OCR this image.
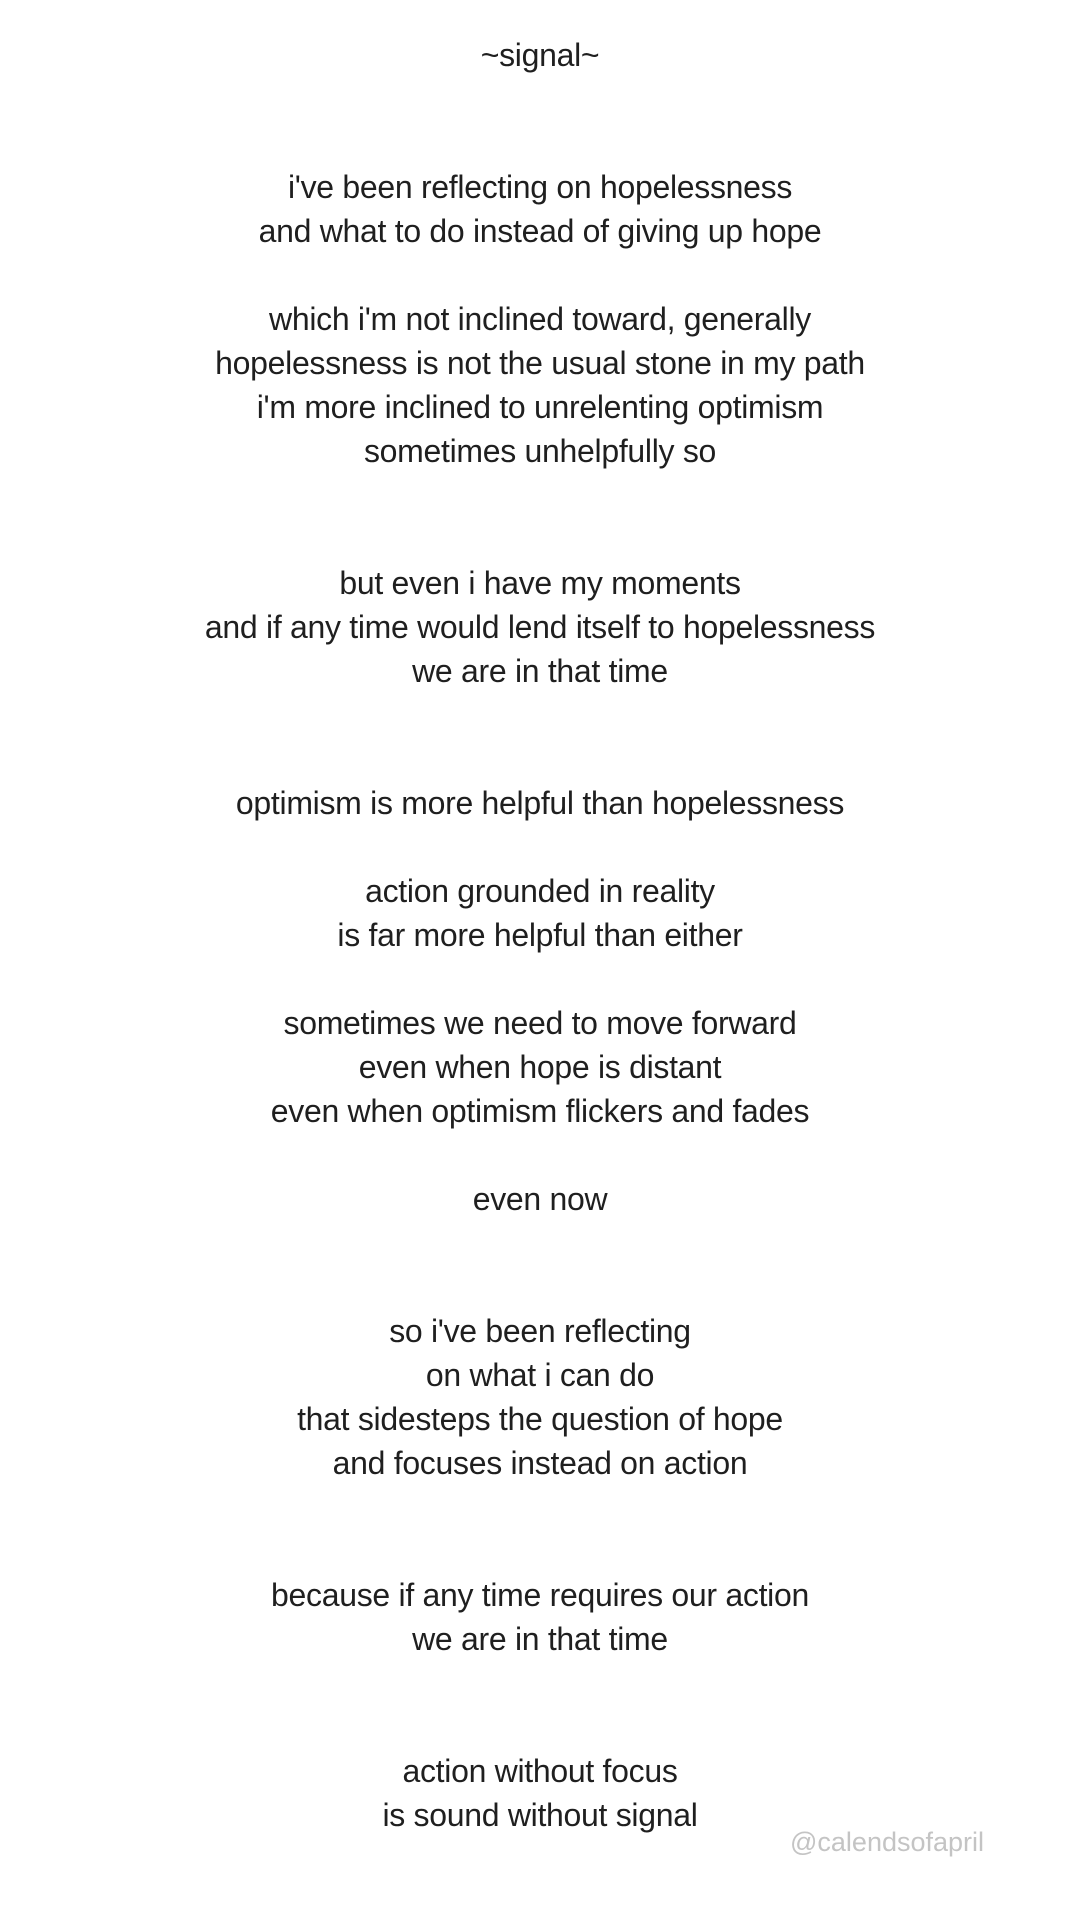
~signal~
i've been reflecting on hopelessness
and what to do instead of giving up hope
which i'm not inclined toward, generally
hopelessness is not the usual stone in my path
i'm more inclined to unrelenting optimism
sometimes unhelpfully so
but even i have my moments
and if any time would lend itself to hopelessness
we are in that time
optimism is more helpful than hopelessness
action grounded in reality
is far more helpful than either
sometimes we need to move forward
even when hope is distant
even when optimism flickers and fades
even now
so i've been reflecting
on what i can do
that sidesteps the question of hope
and focuses instead on action
because if any time requires our action
we are in that time
action without focus
is sound without signal
@calendsofapril
